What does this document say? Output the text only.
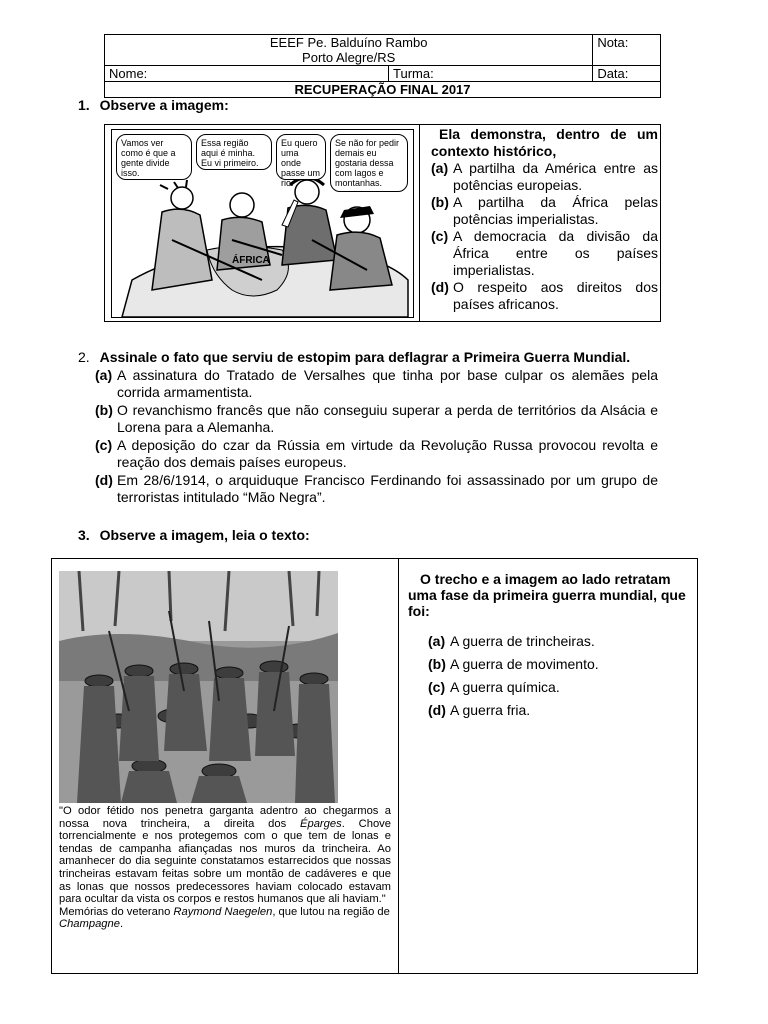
EEEF Pe. Balduíno Rambo
Porto Alegre/RS		Nota:
Nome:	Turma:	Data:
RECUPERAÇÃO FINAL 2017		
1. Observe a imagem:
Vamos ver como é que a gente divide isso.
Essa região aqui é minha. Eu vi primeiro.
Eu quero uma onde passe um rio.
Se não for pedir demais eu gostaria dessa com lagos e montanhas.
ÁFRICA
Ela demonstra, dentro de um contexto histórico,
(a) A partilha da América entre as potências europeias.
(b) A partilha da África pelas potências imperialistas.
(c) A democracia da divisão da África entre os países imperialistas.
(d) O respeito aos direitos dos países africanos.
2. Assinale o fato que serviu de estopim para deflagrar a Primeira Guerra Mundial.
(a) A assinatura do Tratado de Versalhes que tinha por base culpar os alemães pela corrida armamentista.
(b) O revanchismo francês que não conseguiu superar a perda de territórios da Alsácia e Lorena para a Alemanha.
(c) A deposição do czar da Rússia em virtude da Revolução Russa provocou revolta e reação dos demais países europeus.
(d) Em 28/6/1914, o arquiduque Francisco Ferdinando foi assassinado por um grupo de terroristas intitulado “Mão Negra”.
3. Observe a imagem, leia o texto:
"O odor fétido nos penetra garganta adentro ao chegarmos a nossa nova trincheira, a direita dos Éparges. Chove torrencialmente e nos protegemos com o que tem de lonas e tendas de campanha afiançadas nos muros da trincheira. Ao amanhecer do dia seguinte constatamos estarrecidos que nossas trincheiras estavam feitas sobre um montão de cadáveres e que as lonas que nossos predecessores haviam colocado estavam para ocultar da vista os corpos e restos humanos que ali haviam."
Memórias do veterano Raymond Naegelen, que lutou na região de Champagne.
O trecho e a imagem ao lado retratam uma fase da primeira guerra mundial, que foi:
(a) A guerra de trincheiras.
(b) A guerra de movimento.
(c) A guerra química.
(d) A guerra fria.
